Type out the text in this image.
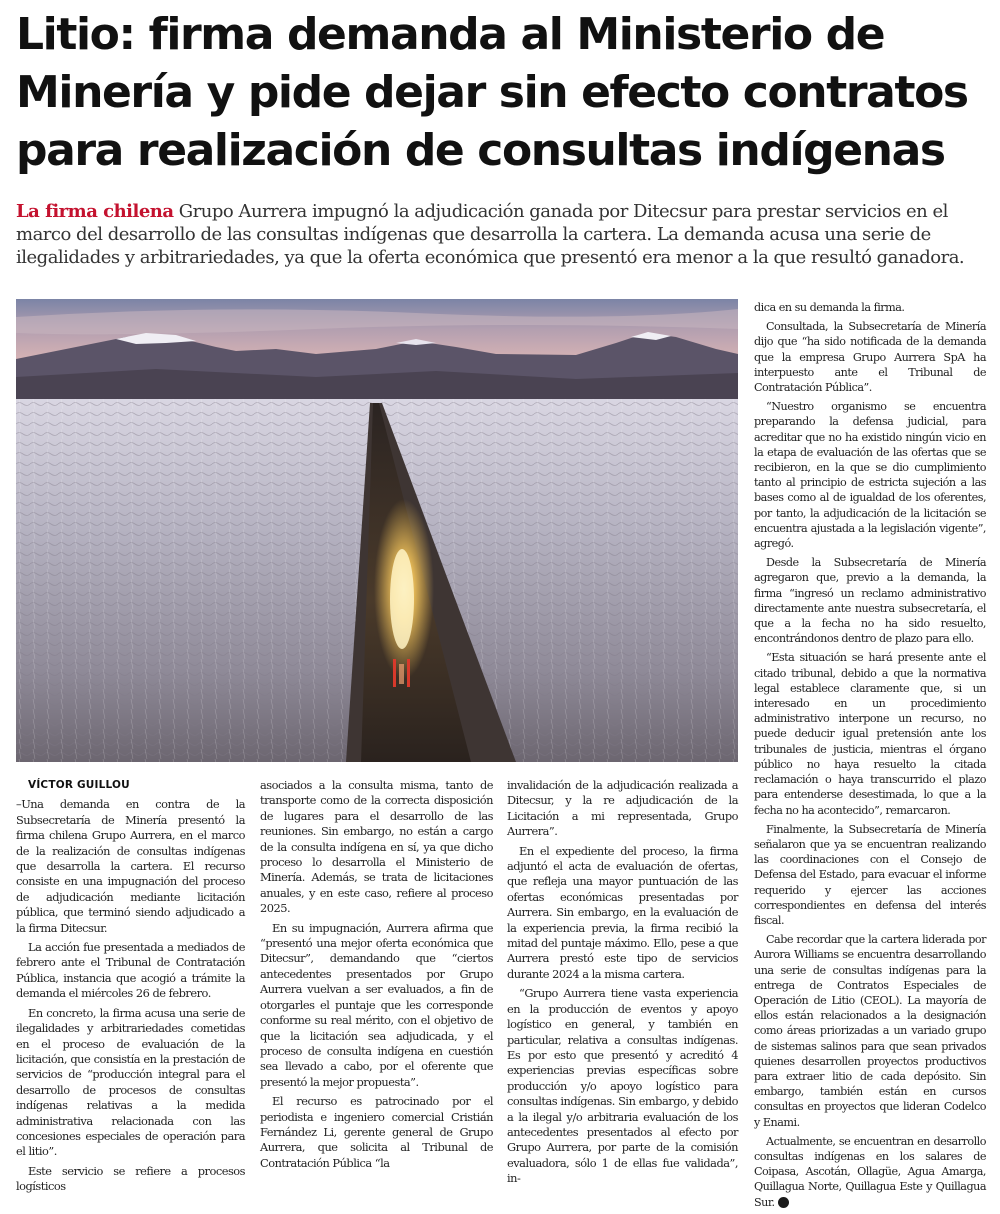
Litio: firma demanda al Ministerio de
Minería y pide dejar sin efecto contratos
para realización de consultas indígenas

La firma chilena Grupo Aurrera impugnó la adjudicación ganada por Ditecsur para prestar servicios en el
marco del desarrollo de las consultas indígenas que desarrolla la cartera. La demanda acusa una serie de
ilegalidades y arbitrariedades, ya que la oferta económica que presentó era menor a la que resultó ganadora.

VÍCTOR GUILLOU

–Una demanda en contra de la Subsecretaría de Minería presentó la firma chilena Grupo Aurrera, en el marco de la realización de consultas indígenas que desarrolla la cartera. El recurso consiste en una impugnación del proceso de adjudicación mediante licitación pública, que terminó siendo adjudicado a la firma Ditecsur.

La acción fue presentada a mediados de febrero ante el Tribunal de Contratación Pública, instancia que acogió a trámite la demanda el miércoles 26 de febrero.

En concreto, la firma acusa una serie de ilegalidades y arbitrariedades cometidas en el proceso de evaluación de la licitación, que consistía en la prestación de servicios de “producción integral para el desarrollo de procesos de consultas indígenas relativas a la medida administrativa relacionada con las concesiones especiales de operación para el litio”.

Este servicio se refiere a procesos logísticos

asociados a la consulta misma, tanto de transporte como de la correcta disposición de lugares para el desarrollo de las reuniones. Sin embargo, no están a cargo de la consulta indígena en sí, ya que dicho proceso lo desarrolla el Ministerio de Minería. Además, se trata de licitaciones anuales, y en este caso, refiere al proceso 2025.

En su impugnación, Aurrera afirma que “presentó una mejor oferta económica que Ditecsur”, demandando que “ciertos antecedentes presentados por Grupo Aurrera vuelvan a ser evaluados, a fin de otorgarles el puntaje que les corresponde conforme su real mérito, con el objetivo de que la licitación sea adjudicada, y el proceso de consulta indígena en cuestión sea llevado a cabo, por el oferente que presentó la mejor propuesta”.

El recurso es patrocinado por el periodista e ingeniero comercial Cristián Fernández Li, gerente general de Grupo Aurrera, que solicita al Tribunal de Contratación Pública “la

invalidación de la adjudicación realizada a Ditecsur, y la re adjudicación de la Licitación a mi representada, Grupo Aurrera”.

En el expediente del proceso, la firma adjuntó el acta de evaluación de ofertas, que refleja una mayor puntuación de las ofertas económicas presentadas por Aurrera. Sin embargo, en la evaluación de la experiencia previa, la firma recibió la mitad del puntaje máximo. Ello, pese a que Aurrera prestó este tipo de servicios durante 2024 a la misma cartera.

“Grupo Aurrera tiene vasta experiencia en la producción de eventos y apoyo logístico en general, y también en particular, relativa a consultas indígenas. Es por esto que presentó y acreditó 4 experiencias previas específicas sobre producción y/o apoyo logístico para consultas indígenas. Sin embargo, y debido a la ilegal y/o arbitraria evaluación de los antecedentes presentados al efecto por Grupo Aurrera, por parte de la comisión evaluadora, sólo 1 de ellas fue validada”, in-

dica en su demanda la firma.

Consultada, la Subsecretaría de Minería dijo que “ha sido notificada de la demanda que la empresa Grupo Aurrera SpA ha interpuesto ante el Tribunal de Contratación Pública”.

“Nuestro organismo se encuentra preparando la defensa judicial, para acreditar que no ha existido ningún vicio en la etapa de evaluación de las ofertas que se recibieron, en la que se dio cumplimiento tanto al principio de estricta sujeción a las bases como al de igualdad de los oferentes, por tanto, la adjudicación de la licitación se encuentra ajustada a la legislación vigente”, agregó.

Desde la Subsecretaría de Minería agregaron que, previo a la demanda, la firma “ingresó un reclamo administrativo directamente ante nuestra subsecretaría, el que a la fecha no ha sido resuelto, encontrándonos dentro de plazo para ello.

“Esta situación se hará presente ante el citado tribunal, debido a que la normativa legal establece claramente que, si un interesado en un procedimiento administrativo interpone un recurso, no puede deducir igual pretensión ante los tribunales de justicia, mientras el órgano público no haya resuelto la citada reclamación o haya transcurrido el plazo para entenderse desestimada, lo que a la fecha no ha acontecido”, remarcaron.

Finalmente, la Subsecretaría de Minería señalaron que ya se encuentran realizando las coordinaciones con el Consejo de Defensa del Estado, para evacuar el informe requerido y ejercer las acciones correspondientes en defensa del interés fiscal.

Cabe recordar que la cartera liderada por Aurora Williams se encuentra desarrollando una serie de consultas indígenas para la entrega de Contratos Especiales de Operación de Litio (CEOL). La mayoría de ellos están relacionados a la designación como áreas priorizadas a un variado grupo de sistemas salinos para que sean privados quienes desarrollen proyectos productivos para extraer litio de cada depósito. Sin embargo, también están en cursos consultas en proyectos que lideran Codelco y Enami.

Actualmente, se encuentran en desarrollo consultas indígenas en los salares de Coipasa, Ascotán, Ollagüe, Agua Amarga, Quillagua Norte, Quillagua Este y Quillagua Sur. P
